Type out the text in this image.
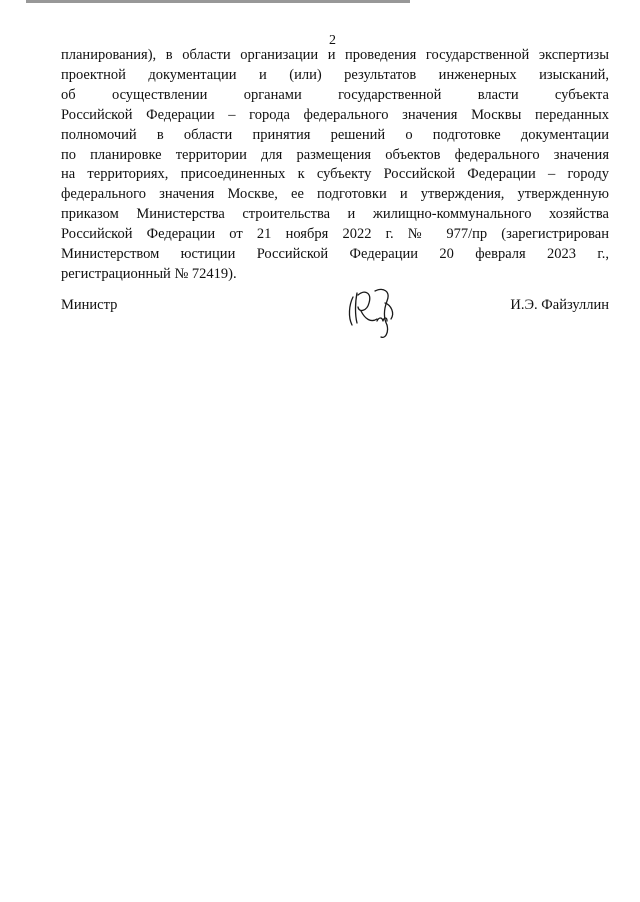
2
планирования), в области организации и проведения государственной экспертизы
проектной документации и (или) результатов инженерных изысканий,
об осуществлении органами государственной власти субъекта
Российской Федерации – города федерального значения Москвы переданных
полномочий в области принятия решений о подготовке документации
по планировке территории для размещения объектов федерального значения
на территориях, присоединенных к субъекту Российской Федерации – городу
федерального значения Москве, ее подготовки и утверждения, утвержденную
приказом Министерства строительства и жилищно-коммунального хозяйства
Российской Федерации от 21 ноября 2022 г. № 977/пр (зарегистрирован
Министерством юстиции Российской Федерации 20 февраля 2023 г.,
регистрационный № 72419).
Министр	И.Э. Файзуллин
